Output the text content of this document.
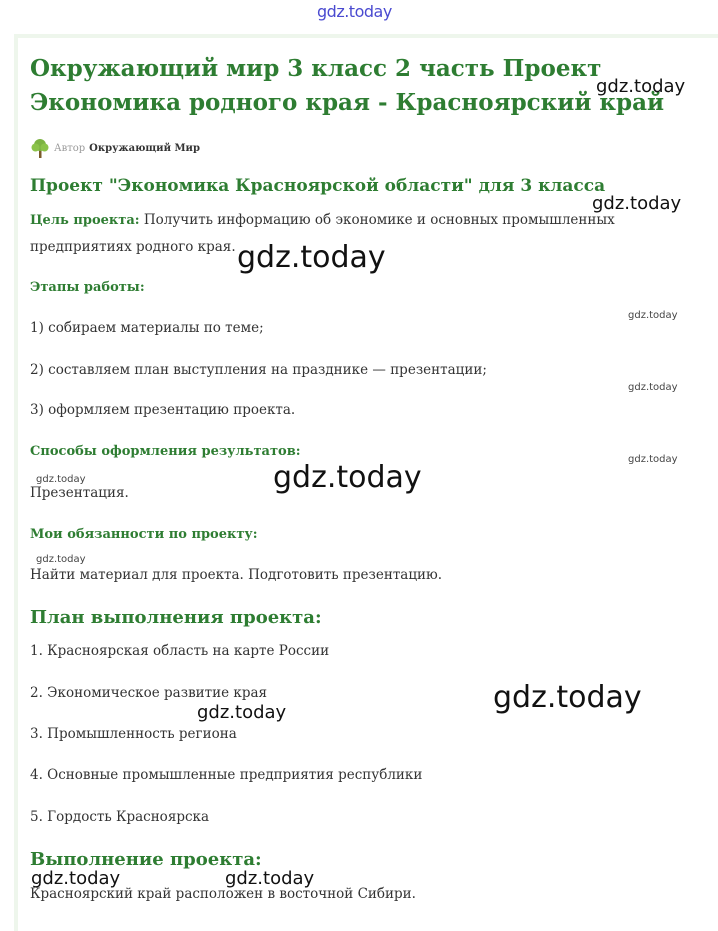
gdz.today
Окружающий мир 3 класс 2 часть Проект
Экономика родного края - Красноярский край
Автор Окружающий Мир
Проект "Экономика Красноярской области" для 3 класса

Цель проекта: Получить информацию об экономике и основных промышленных
предприятиях родного края.

Этапы работы:

1) собираем материалы по теме;

2) составляем план выступления на празднике — презентации;

3) оформляем презентацию проекта.

Способы оформления результатов:

Презентация.

Мои обязанности по проекту:

Найти материал для проекта. Подготовить презентацию.

План выполнения проекта:

1. Красноярская область на карте России

2. Экономическое развитие края

3. Промышленность региона

4. Основные промышленные предприятия республики

5. Гордость Красноярска

Выполнение проекта:

Красноярский край расположен в восточной Сибири.

gdz.today
gdz.today
gdz.today
gdz.today
gdz.today
gdz.today
gdz.today	gdz.today
gdz.today
gdz.today
gdz.today
gdz.today	gdz.today
